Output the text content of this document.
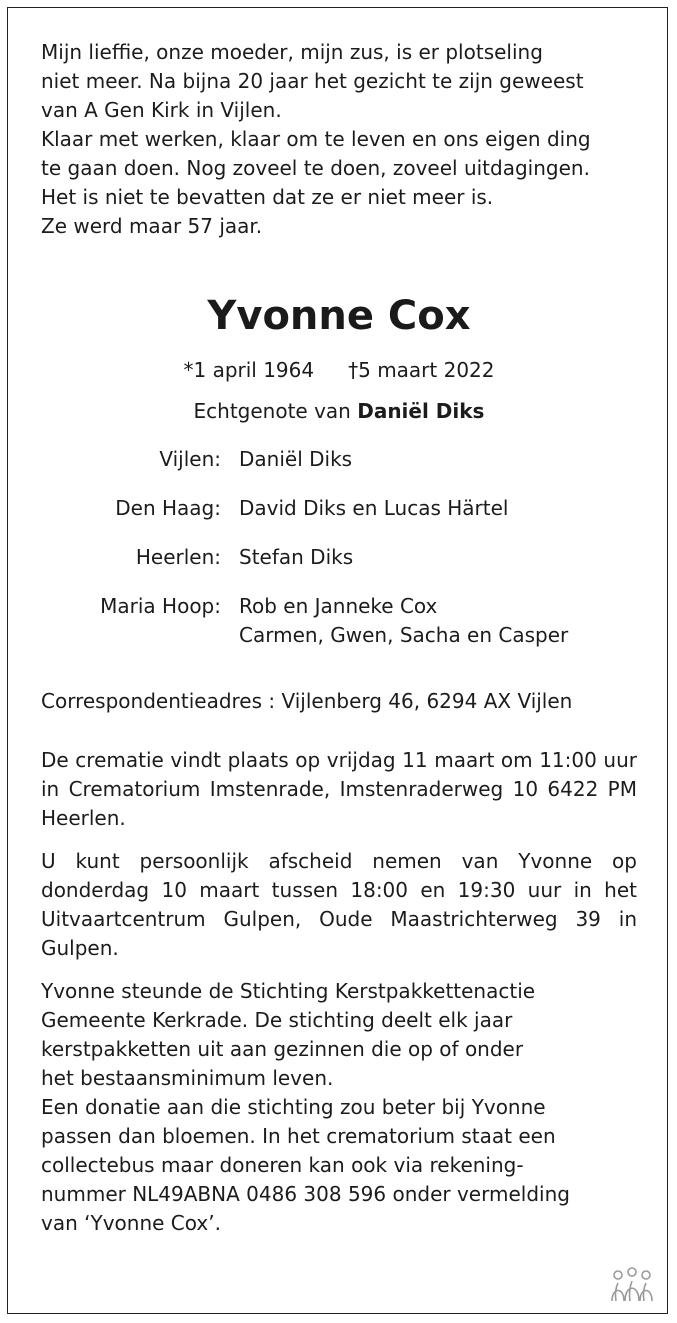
Mijn lieffie, onze moeder, mijn zus, is er plotseling
niet meer. Na bijna 20 jaar het gezicht te zijn geweest
van A Gen Kirk in Vijlen.
Klaar met werken, klaar om te leven en ons eigen ding
te gaan doen. Nog zoveel te doen, zoveel uitdagingen.
Het is niet te bevatten dat ze er niet meer is.
Ze werd maar 57 jaar.

Yvonne Cox
*1 april 1964 †5 maart 2022
Echtgenote van Daniël Diks
Vijlen: Daniël Diks
Den Haag: David Diks en Lucas Härtel
Heerlen: Stefan Diks
Maria Hoop: Rob en Janneke Cox
Carmen, Gwen, Sacha en Casper
Correspondentieadres : Vijlenberg 46, 6294 AX Vijlen

De crematie vindt plaats op vrijdag 11 maart om 11:00 uur in Crematorium Imstenrade, Imstenraderweg 10 6422 PM Heerlen.

U kunt persoonlijk afscheid nemen van Yvonne op donderdag 10 maart tussen 18:00 en 19:30 uur in het Uitvaartcentrum Gulpen, Oude Maastrichterweg 39 in Gulpen.

Yvonne steunde de Stichting Kerstpakkettenactie
Gemeente Kerkrade. De stichting deelt elk jaar
kerstpakketten uit aan gezinnen die op of onder
het bestaansminimum leven.
Een donatie aan die stichting zou beter bij Yvonne
passen dan bloemen. In het crematorium staat een
collectebus maar doneren kan ook via rekening-
nummer NL49ABNA 0486 308 596 onder vermelding
van ‘Yvonne Cox’.
